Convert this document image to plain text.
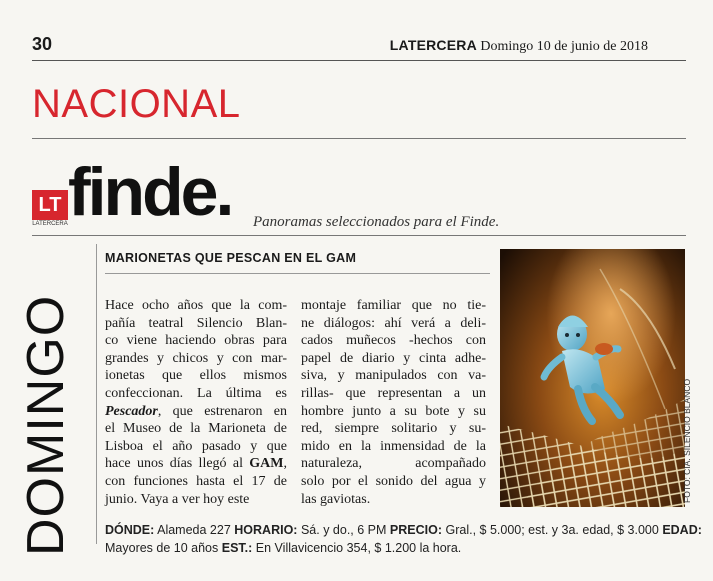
30	LATERCERA Domingo 10 de junio de 2018
NACIONAL
LT
LATERCERA finde. Panoramas seleccionados para el Finde.
DOMINGO
MARIONETAS QUE PESCAN EN EL GAM
Hace ocho años que la com-
pañía teatral Silencio Blan-
co viene haciendo obras para
grandes y chicos y con mar-
ionetas que ellos mismos
confeccionan. La última es
Pescador, que estrenaron en
el Museo de la Marioneta de
Lisboa el año pasado y que
hace unos días llegó al GAM,
con funciones hasta el 17 de
junio. Vaya a ver hoy este
montaje familiar que no tie-
ne diálogos: ahí verá a deli-
cados muñecos -hechos con
papel de diario y cinta adhe-
siva, y manipulados con va-
rillas- que representan a un
hombre junto a su bote y su
red, siempre solitario y su-
mido en la inmensidad de la
naturaleza, acompañado
solo por el sonido del agua y
las gaviotas.	FOTO: CIA. SILENCIO BLANCO
DÓNDE: Alameda 227 HORARIO: Sá. y do., 6 PM PRECIO: Gral., $ 5.000; est. y 3a. edad, $ 3.000 EDAD:
Mayores de 10 años EST.: En Villavicencio 354, $ 1.200 la hora.
